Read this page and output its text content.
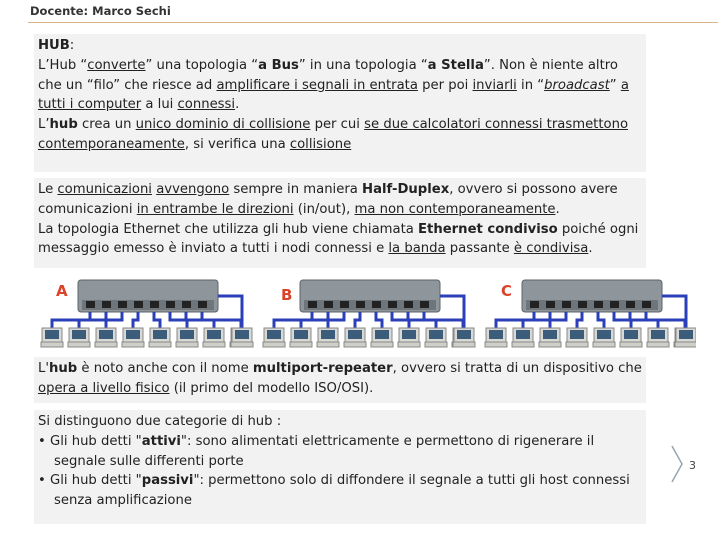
Docente: Marco Sechi

HUB:

L’Hub “converte” una topologia “a Bus” in una topologia “a Stella”. Non è niente altro che un “filo” che riesce ad amplificare i segnali in entrata per poi inviarli in “broadcast” a tutti i computer a lui connessi.

L’hub crea un unico dominio di collisione per cui se due calcolatori connessi trasmettono contemporaneamente, si verifica una collisione

Le comunicazioni avvengono sempre in maniera Half-Duplex, ovvero si possono avere comunicazioni in entrambe le direzioni (in/out), ma non contemporaneamente.

La topologia Ethernet che utilizza gli hub viene chiamata Ethernet condiviso poiché ogni messaggio emesso è inviato a tutti i nodi connessi e la banda passante è condivisa.

A	B	C

L'hub è noto anche con il nome multiport-repeater, ovvero si tratta di un dispositivo che opera a livello fisico (il primo del modello ISO/OSI).

Si distinguono due categorie di hub :

• Gli hub detti "attivi": sono alimentati elettricamente e permettono di rigenerare il segnale sulle differenti porte

• Gli hub detti "passivi": permettono solo di diffondere il segnale a tutti gli host connessi senza amplificazione

3
